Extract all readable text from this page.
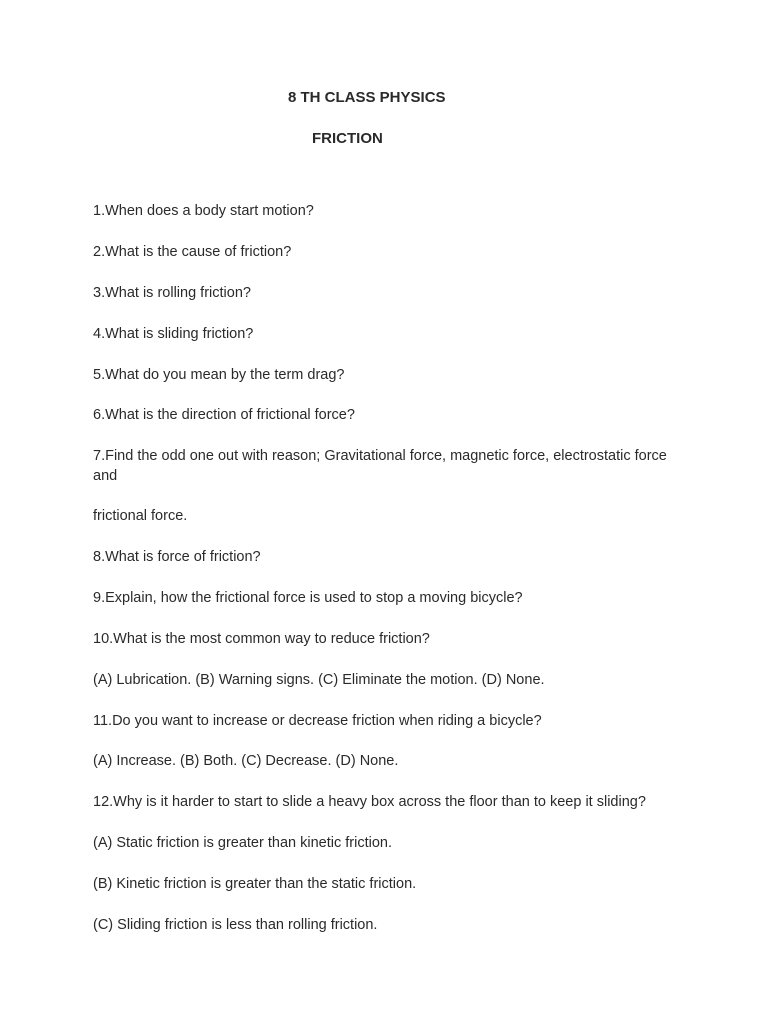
8 TH CLASS PHYSICS
FRICTION
1.When does a body start motion?
2.What is the cause of friction?
3.What is rolling friction?
4.What is sliding friction?
5.What do you mean by the term drag?
6.What is the direction of frictional force?
7.Find the odd one out with reason; Gravitational force, magnetic force, electrostatic force and
frictional force.
8.What is force of friction?
9.Explain, how the frictional force is used to stop a moving bicycle?
10.What is the most common way to reduce friction?
(A) Lubrication. (B) Warning signs. (C) Eliminate the motion. (D) None.
11.Do you want to increase or decrease friction when riding a bicycle?
(A) Increase. (B) Both. (C) Decrease. (D) None.
12.Why is it harder to start to slide a heavy box across the floor than to keep it sliding?
(A) Static friction is greater than kinetic friction.
(B) Kinetic friction is greater than the static friction.
(C) Sliding friction is less than rolling friction.
